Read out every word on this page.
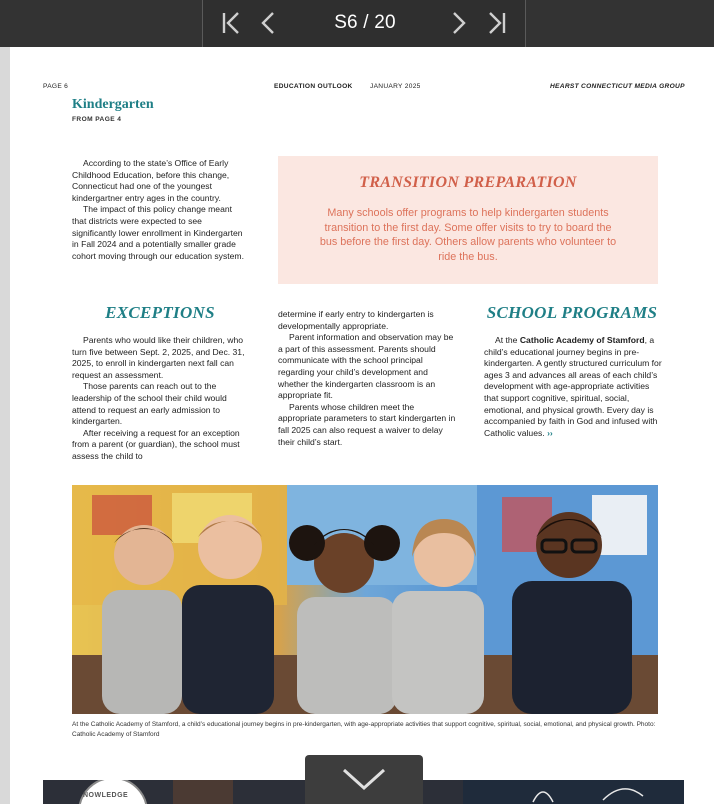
S6 / 20
PAGE 6	EDUCATION OUTLOOK	JANUARY 2025	HEARST CONNECTICUT MEDIA GROUP
Kindergarten
FROM PAGE 4

According to the state’s Office of Early Childhood Education, before this change, Connecticut had one of the youngest kindergartner entry ages in the country.

The impact of this policy change meant that districts were expected to see significantly lower enrollment in Kindergarten in Fall 2024 and a potentially smaller grade cohort moving through our education system.

TRANSITION PREPARATION
Many schools offer programs to help kindergarten students transition to the first day. Some offer visits to try to board the bus before the first day. Others allow parents who volunteer to ride the bus.
EXCEPTIONS

Parents who would like their children, who turn five between Sept. 2, 2025, and Dec. 31, 2025, to enroll in kindergarten next fall can request an assessment.

Those parents can reach out to the leadership of the school their child would attend to request an early admission to kindergarten.

After receiving a request for an exception from a parent (or guardian), the school must assess the child to

determine if early entry to kindergarten is developmentally appropriate.

Parent information and observation may be a part of this assessment. Parents should communicate with the school principal regarding your child’s development and whether the kindergarten classroom is an appropriate fit.

Parents whose children meet the appropriate parameters to start kindergarten in fall 2025 can also request a waiver to delay their child’s start.

SCHOOL PROGRAMS

At the Catholic Academy of Stamford, a child’s educational journey begins in pre-kindergarten. A gently structured curriculum for ages 3 and advances all areas of each child’s development with age-appropriate activities that support cognitive, spiritual, social, emotional, and physical growth. Every day is accompanied by faith in God and infused with Catholic values. ››

At the Catholic Academy of Stamford, a child’s educational journey begins in pre-kindergarten, with age-appropriate activities that support cognitive, spiritual, social, emotional, and physical growth. Photo: Catholic Academy of Stamford
NOWLEDGE
